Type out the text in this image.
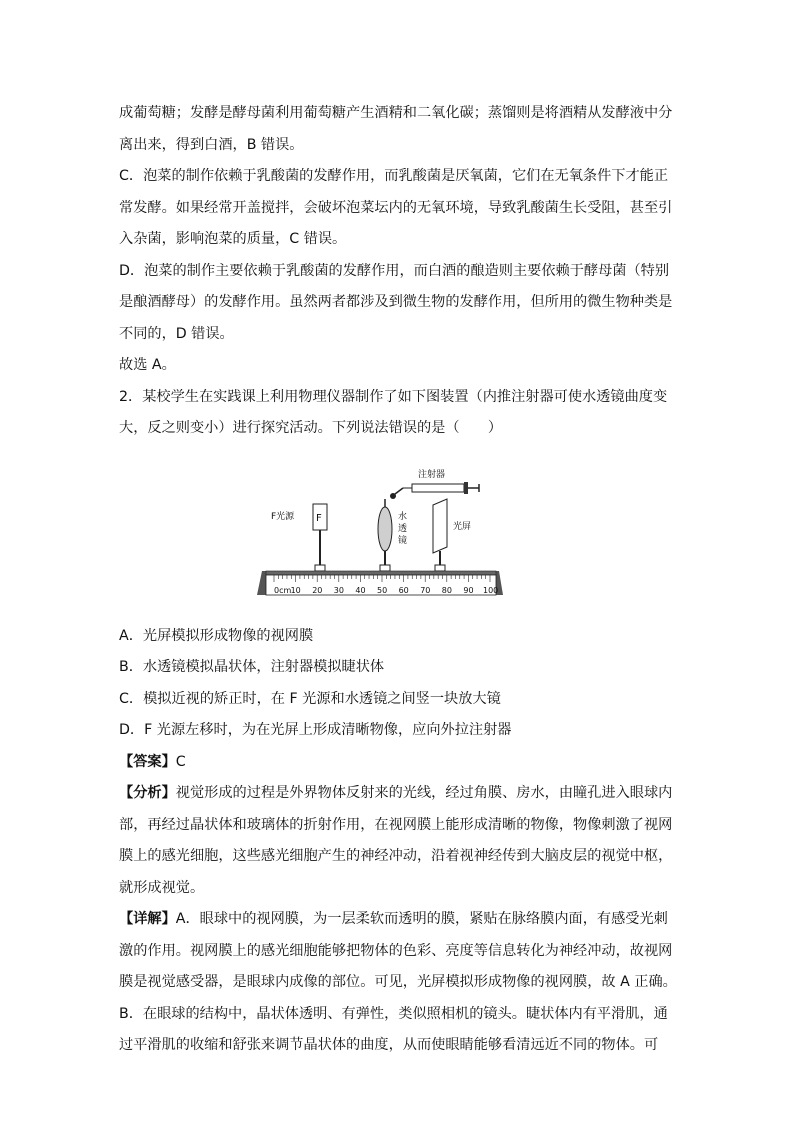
成葡萄糖；发酵是酵母菌利用葡萄糖产生酒精和二氧化碳；蒸馏则是将酒精从发酵液中分

离出来，得到白酒，B 错误。

C．泡菜的制作依赖于乳酸菌的发酵作用，而乳酸菌是厌氧菌，它们在无氧条件下才能正

常发酵。如果经常开盖搅拌，会破坏泡菜坛内的无氧环境，导致乳酸菌生长受阻，甚至引

入杂菌，影响泡菜的质量，C 错误。

D．泡菜的制作主要依赖于乳酸菌的发酵作用，而白酒的酿造则主要依赖于酵母菌（特别

是酿酒酵母）的发酵作用。虽然两者都涉及到微生物的发酵作用，但所用的微生物种类是

不同的，D 错误。

故选 A。

2．某校学生在实践课上利用物理仪器制作了如下图装置（内推注射器可使水透镜曲度变

大，反之则变小）进行探究活动。下列说法错误的是（　　）

注射器
F光源 F	水
透
镜
光屏
0cm 10 20 30 40 50 60 70 80 90 100

A．光屏模拟形成物像的视网膜

B．水透镜模拟晶状体，注射器模拟睫状体

C．模拟近视的矫正时，在 F 光源和水透镜之间竖一块放大镜

D．F 光源左移时，为在光屏上形成清晰物像，应向外拉注射器

【答案】C

【分析】视觉形成的过程是外界物体反射来的光线，经过角膜、房水，由瞳孔进入眼球内

部，再经过晶状体和玻璃体的折射作用，在视网膜上能形成清晰的物像，物像刺激了视网

膜上的感光细胞，这些感光细胞产生的神经冲动，沿着视神经传到大脑皮层的视觉中枢，

就形成视觉。

【详解】A．眼球中的视网膜，为一层柔软而透明的膜，紧贴在脉络膜内面，有感受光刺

激的作用。视网膜上的感光细胞能够把物体的色彩、亮度等信息转化为神经冲动，故视网

膜是视觉感受器，是眼球内成像的部位。可见，光屏模拟形成物像的视网膜，故 A 正确。

B．在眼球的结构中，晶状体透明、有弹性，类似照相机的镜头。睫状体内有平滑肌，通

过平滑肌的收缩和舒张来调节晶状体的曲度，从而使眼睛能够看清远近不同的物体。可
